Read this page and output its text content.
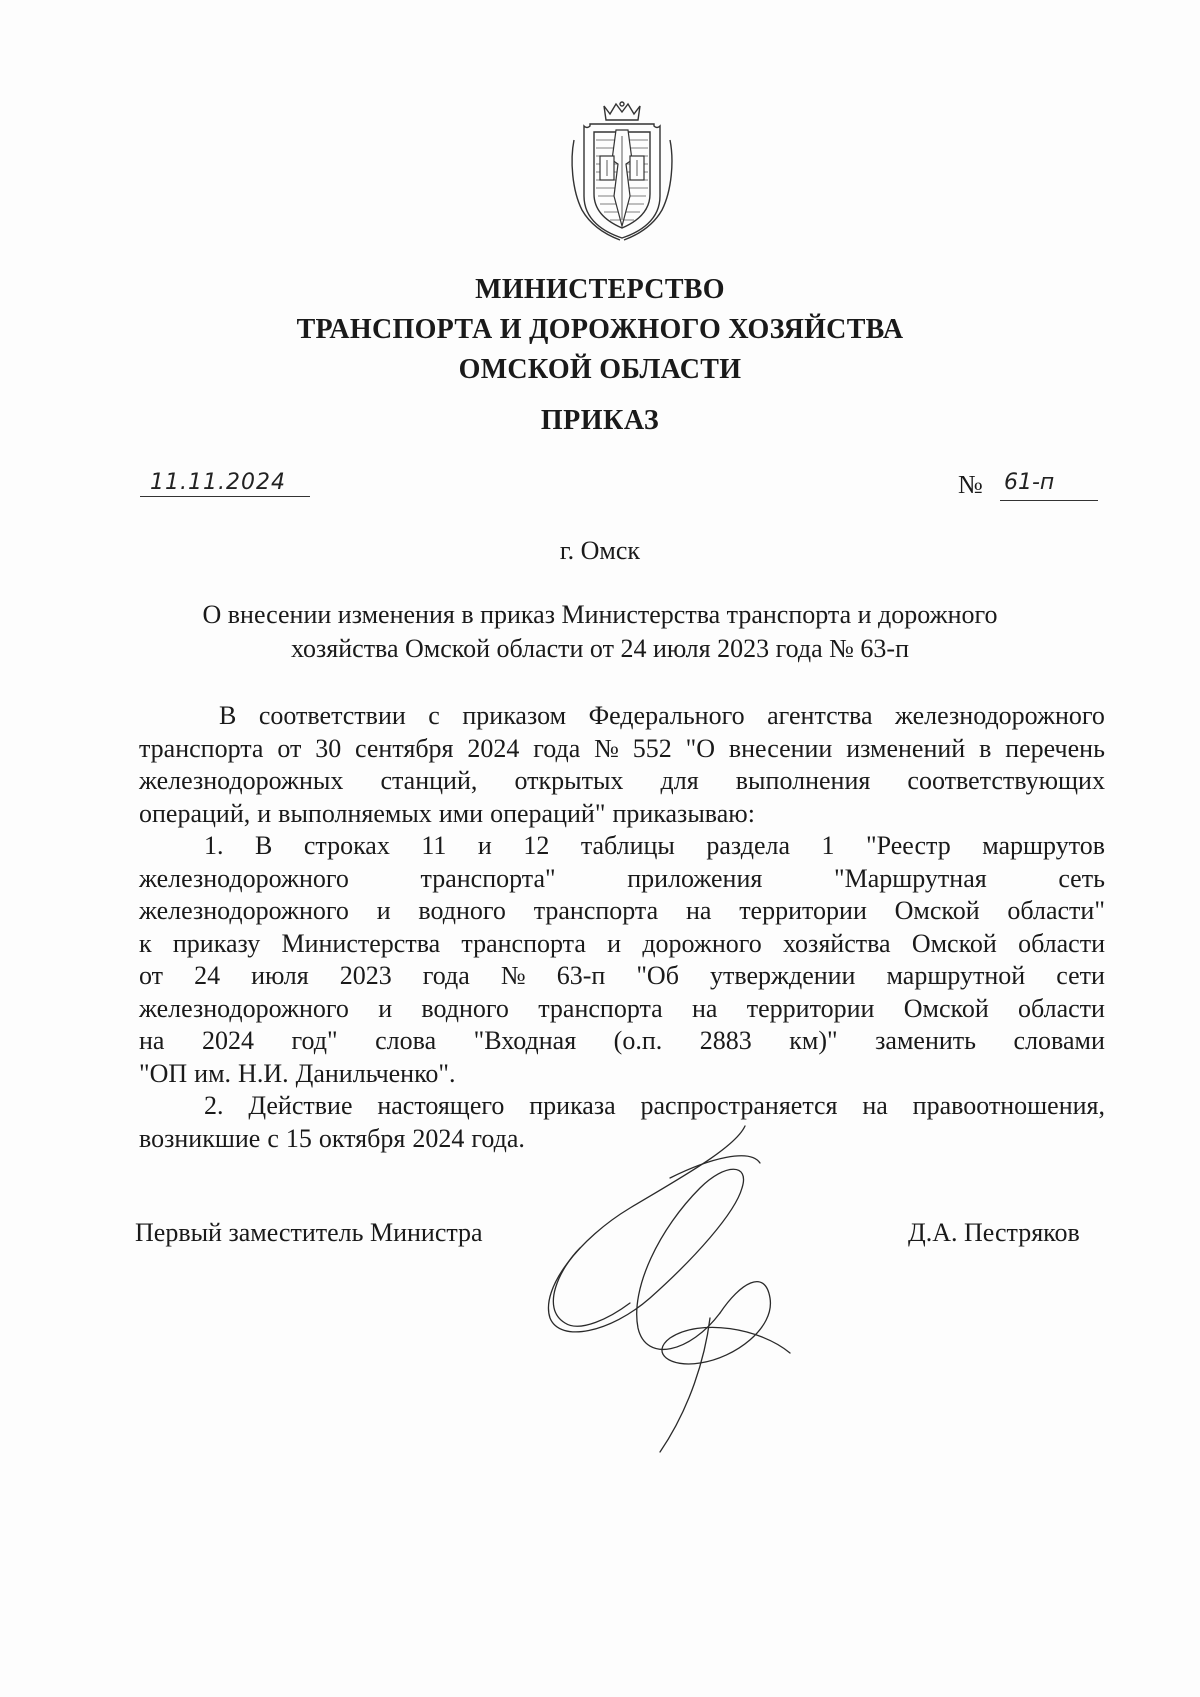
МИНИСТЕРСТВО
ТРАНСПОРТА И ДОРОЖНОГО ХОЗЯЙСТВА
ОМСКОЙ ОБЛАСТИ
ПРИКАЗ
11.11.2024	№ 61-п
г. Омск
О внесении изменения в приказ Министерства транспорта и дорожного
хозяйства Омской области от 24 июля 2023 года № 63-п
В соответствии с приказом Федерального агентства железнодорожного
транспорта от 30 сентября 2024 года № 552 "О внесении изменений в перечень
железнодорожных станций, открытых для выполнения соответствующих
операций, и выполняемых ими операций" приказываю:
1. В строках 11 и 12 таблицы раздела 1 "Реестр маршрутов
железнодорожного	транспорта"	приложения	"Маршрутная	сеть
железнодорожного и водного транспорта на территории Омской области"
к приказу Министерства транспорта и дорожного хозяйства Омской области
от 24 июля 2023 года № 63-п "Об утверждении маршрутной сети
железнодорожного и водного транспорта на территории Омской области
на 2024 год" слова "Входная (о.п. 2883 км)" заменить словами
"ОП им. Н.И. Данильченко".
2. Действие настоящего приказа распространяется на правоотношения,
возникшие с 15 октября 2024 года.
Первый заместитель Министра	Д.А. Пестряков
